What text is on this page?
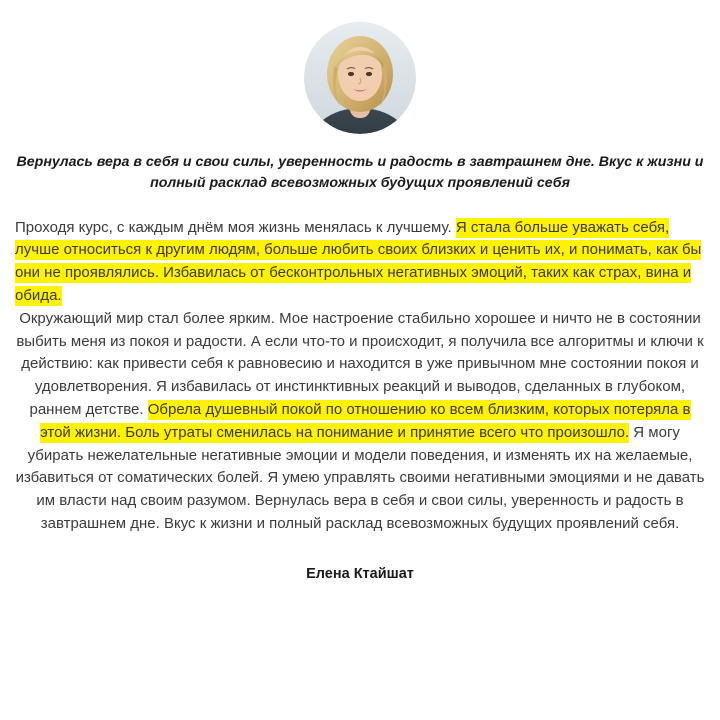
Вернулась вера в себя и свои силы, уверенность и радость в завтрашнем дне. Вкус к жизни и полный расклад всевозможных будущих проявлений себя

Проходя курс, с каждым днём моя жизнь менялась к лучшему. Я стала больше уважать себя, лучше относиться к другим людям, больше любить своих близких и ценить их, и понимать, как бы они не проявлялись. Избавилась от бесконтрольных негативных эмоций, таких как страх, вина и обида.

Окружающий мир стал более ярким. Мое настроение стабильно хорошее и ничто не в состоянии выбить меня из покоя и радости. А если что-то и происходит, я получила все алгоритмы и ключи к действию: как привести себя к равновесию и находится в уже привычном мне состоянии покоя и удовлетворения. Я избавилась от инстинктивных реакций и выводов, сделанных в глубоком, раннем детстве. Обрела душевный покой по отношению ко всем близким, которых потеряла в этой жизни. Боль утраты сменилась на понимание и принятие всего что произошло. Я могу убирать нежелательные негативные эмоции и модели поведения, и изменять их на желаемые, избавиться от соматических болей. Я умею управлять своими негативными эмоциями и не давать им власти над своим разумом. Вернулась вера в себя и свои силы, уверенность и радость в завтрашнем дне. Вкус к жизни и полный расклад всевозможных будущих проявлений себя.

Елена Ктайшат
